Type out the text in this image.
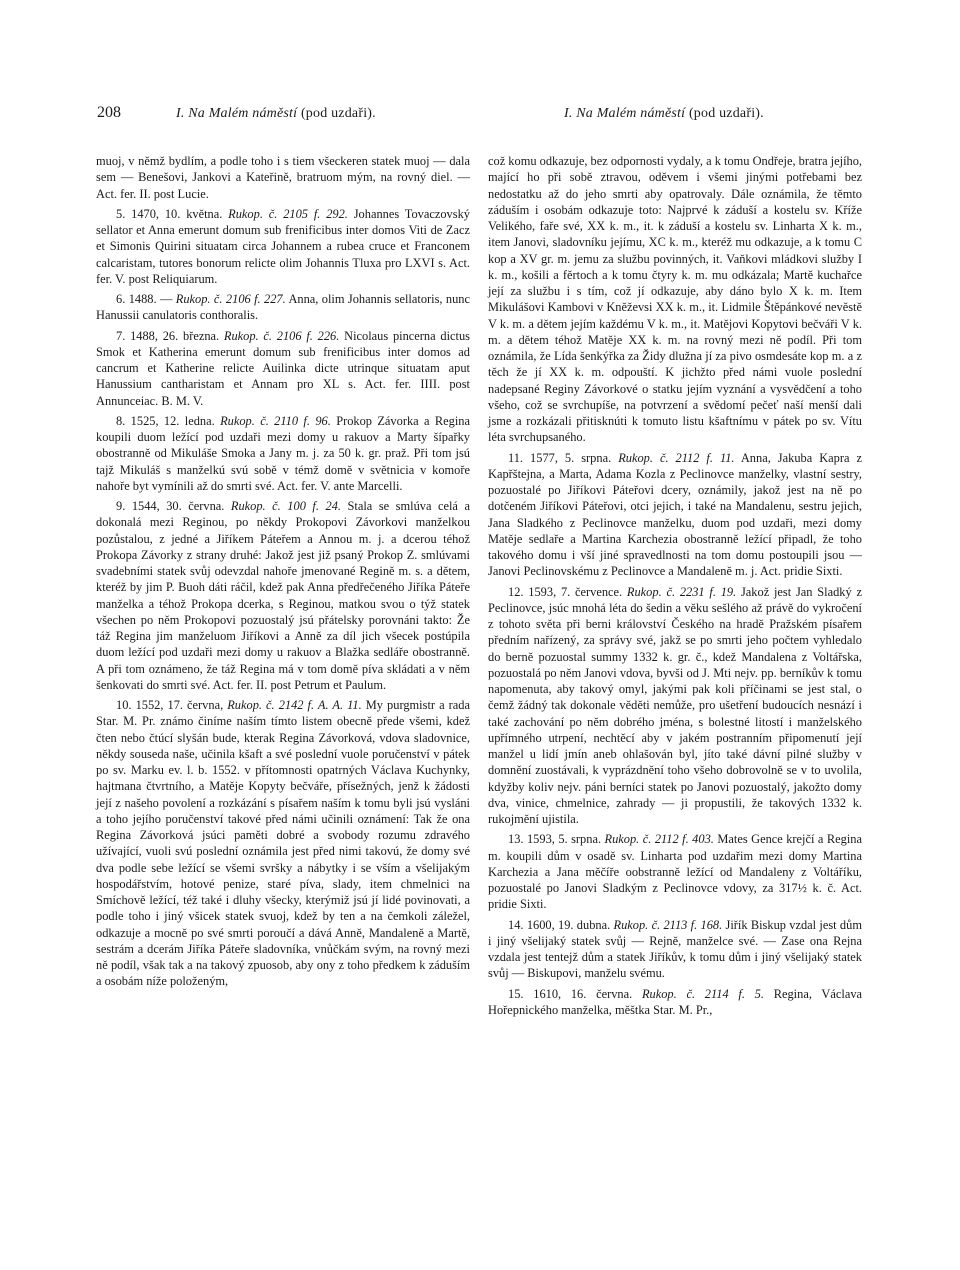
208	I. Na Malém náměstí (pod uzdaři).	I. Na Malém náměstí (pod uzdaři).

muoj, v němž bydlím, a podle toho i s tiem všeckeren statek muoj — dala sem — Benešovi, Jankovi a Kateřině, bratruom mým, na rovný diel. — Act. fer. II. post Lucie.

5. 1470, 10. května. Rukop. č. 2105 f. 292. Johannes Tovaczovský sellator et Anna emerunt domum sub frenificibus inter domos Viti de Zacz et Simonis Quirini situatam circa Johannem a rubea cruce et Franconem calcaristam, tutores bonorum relicte olim Johannis Tluxa pro LXVI s. Act. fer. V. post Reliquiarum.

6. 1488. — Rukop. č. 2106 f. 227. Anna, olim Johannis sellatoris, nunc Hanussii canulatoris conthoralis.

7. 1488, 26. března. Rukop. č. 2106 f. 226. Nicolaus pincerna dictus Smok et Katherina emerunt domum sub frenificibus inter domos ad cancrum et Katherine relicte Auilinka dicte utrinque situatam aput Hanussium cantharistam et Annam pro XL s. Act. fer. IIII. post Annunceiac. B. M. V.

8. 1525, 12. ledna. Rukop. č. 2110 f. 96. Prokop Závorka a Regina koupili duom ležící pod uzdaři mezi domy u rakuov a Marty šípařky obostranně od Mikuláše Smoka a Jany m. j. za 50 k. gr. praž. Při tom jsú tajž Mikuláš s manželkú svú sobě v témž domě v světnicia v komoře nahoře byt vymínili až do smrti své. Act. fer. V. ante Marcelli.

9. 1544, 30. června. Rukop. č. 100 f. 24. Stala se smlúva celá a dokonalá mezi Reginou, po někdy Prokopovi Závorkovi manželkou pozůstalou, z jedné a Jiříkem Páteřem a Annou m. j. a dcerou téhož Prokopa Závorky z strany druhé: Jakož jest již psaný Prokop Z. smlúvami svadebními statek svůj odevzdal nahoře jmenované Regině m. s. a dětem, kteréž by jim P. Buoh dáti ráčil, kdež pak Anna předřečeného Jiříka Páteře manželka a téhož Prokopa dcerka, s Reginou, matkou svou o týž statek všechen po něm Prokopovi pozuostalý jsú přátelsky porovnáni takto: Že táž Regina jim manželuom Jiříkovi a Anně za díl jich všecek postúpila duom ležící pod uzdaři mezi domy u rakuov a Blažka sedláře obostranně. A při tom oznámeno, že táž Regina má v tom domě píva skládati a v něm šenkovati do smrti své. Act. fer. II. post Petrum et Paulum.

10. 1552, 17. června, Rukop. č. 2142 f. A. A. 11. My purgmistr a rada Star. M. Pr. známo činíme naším tímto listem obecně přede všemi, kdež čten nebo čtúcí slyšán bude, kterak Regina Závorková, vdova sladovnice, někdy souseda naše, učinila kšaft a své poslední vuole poručenství v pátek po sv. Marku ev. l. b. 1552. v přítomnosti opatrných Václava Kuchynky, hajtmana čtvrtního, a Matěje Kopyty bečváře, přísežných, jenž k žádosti její z našeho povolení a rozkázání s písařem naším k tomu byli jsú vysláni a toho jejího poručenství takové před námi učinili oznámení: Tak že ona Regina Závorková jsúci paměti dobré a svobody rozumu zdravého užívající, vuoli svú poslední oznámila jest před nimi takovú, že domy své dva podle sebe ležící se všemi svršky a nábytky i se vším a všelijakým hospodářstvím, hotové penize, staré píva, slady, item chmelnici na Smíchově ležící, též také i dluhy všecky, kterýmiž jsú jí lidé povinovati, a podle toho i jiný všicek statek svuoj, kdež by ten a na čemkoli záležel, odkazuje a mocně po své smrti poroučí a dává Anně, Mandaleně a Martě, sestrám a dcerám Jiříka Páteře sladovníka, vnůčkám svým, na rovný mezi ně podíl, však tak a na takový zpuosob, aby ony z toho předkem k záduším a osobám níže položeným,

což komu odkazuje, bez odpornosti vydaly, a k tomu Ondřeje, bratra jejího, mající ho při sobě ztravou, oděvem i všemi jinými potřebami bez nedostatku až do jeho smrti aby opatrovaly. Dále oznámila, že těmto záduším i osobám odkazuje toto: Najprvé k záduší a kostelu sv. Kříže Velikého, faře své, XX k. m., it. k záduší a kostelu sv. Linharta X k. m., item Janovi, sladovníku jejímu, XC k. m., kteréž mu odkazuje, a k tomu C kop a XV gr. m. jemu za službu povinných, it. Vaňkovi mládkovi služby I k. m., košili a fěrtoch a k tomu čtyry k. m. mu odkázala; Martě kuchařce její za službu i s tím, což jí odkazuje, aby dáno bylo X k. m. Item Mikulášovi Kambovi v Kněževsi XX k. m., it. Lidmile Štěpánkové nevěstě V k. m. a dětem jejím každému V k. m., it. Matějovi Kopytovi bečváři V k. m. a dětem téhož Matěje XX k. m. na rovný mezi ně podíl. Při tom oznámila, že Lída šenkýřka za Židy dlužna jí za pivo osmdesáte kop m. a z těch že jí XX k. m. odpouští. K jichžto před námi vuole poslední nadepsané Reginy Závorkové o statku jejím vyznání a vysvědčení a toho všeho, což se svrchupíše, na potvrzení a svědomí pečeť naší menší dali jsme a rozkázali přitisknúti k tomuto listu kšaftnímu v pátek po sv. Vítu léta svrchupsaného.

11. 1577, 5. srpna. Rukop. č. 2112 f. 11. Anna, Jakuba Kapra z Kapřštejna, a Marta, Adama Kozla z Peclinovce manželky, vlastní sestry, pozuostalé po Jiříkovi Páteřovi dcery, oznámily, jakož jest na ně po dotčeném Jiříkovi Páteřovi, otci jejich, i také na Mandalenu, sestru jejich, Jana Sladkého z Peclinovce manželku, duom pod uzdaři, mezi domy Matěje sedlaře a Martina Karchezia obostranně ležící připadl, že toho takového domu i vší jiné spravedlnosti na tom domu postoupili jsou — Janovi Peclinovskému z Peclinovce a Mandaleně m. j. Act. pridie Sixti.

12. 1593, 7. července. Rukop. č. 2231 f. 19. Jakož jest Jan Sladký z Peclinovce, jsúc mnohá léta do šedin a věku sešlého až právě do vykročení z tohoto světa při berni království Českého na hradě Pražském písařem předním nařízený, za správy své, jakž se po smrti jeho počtem vyhledalo do berně pozuostal summy 1332 k. gr. č., kdež Mandalena z Voltářska, pozuostalá po něm Janovi vdova, byvši od J. Mti nejv. pp. berníkův k tomu napomenuta, aby takový omyl, jakými pak koli příčinami se jest stal, o čemž žádný tak dokonale věděti nemůže, pro ušetření budoucích nesnází i také zachování po něm dobrého jména, s bolestné litostí i manželského upřímného utrpení, nechtěcí aby v jakém postranním připomenutí její manžel u lidí jmín aneb ohlašován byl, jíto také dávní pilné služby v domnění zuostávali, k vyprázdnění toho všeho dobrovolně se v to uvolila, kdyžby koliv nejv. páni berníci statek po Janovi pozuostalý, jakožto domy dva, vinice, chmelnice, zahrady — ji propustili, že takových 1332 k. rukojmění ujistila.

13. 1593, 5. srpna. Rukop. č. 2112 f. 403. Mates Gence krejčí a Regina m. koupili dům v osadě sv. Linharta pod uzdařim mezi domy Martina Karchezia a Jana měčíře oobstranně ležící od Mandaleny z Voltáříku, pozuostalé po Janovi Sladkým z Peclinovce vdovy, za 317½ k. č. Act. pridie Sixti.

14. 1600, 19. dubna. Rukop. č. 2113 f. 168. Jiřík Biskup vzdal jest dům i jiný všelijaký statek svůj — Rejně, manželce své. — Zase ona Rejna vzdala jest tentejž dům a statek Jiříkův, k tomu dům i jiný všelijaký statek svůj — Biskupovi, manželu svému.

15. 1610, 16. června. Rukop. č. 2114 f. 5. Regina, Václava Hořepnického manželka, měštka Star. M. Pr.,
